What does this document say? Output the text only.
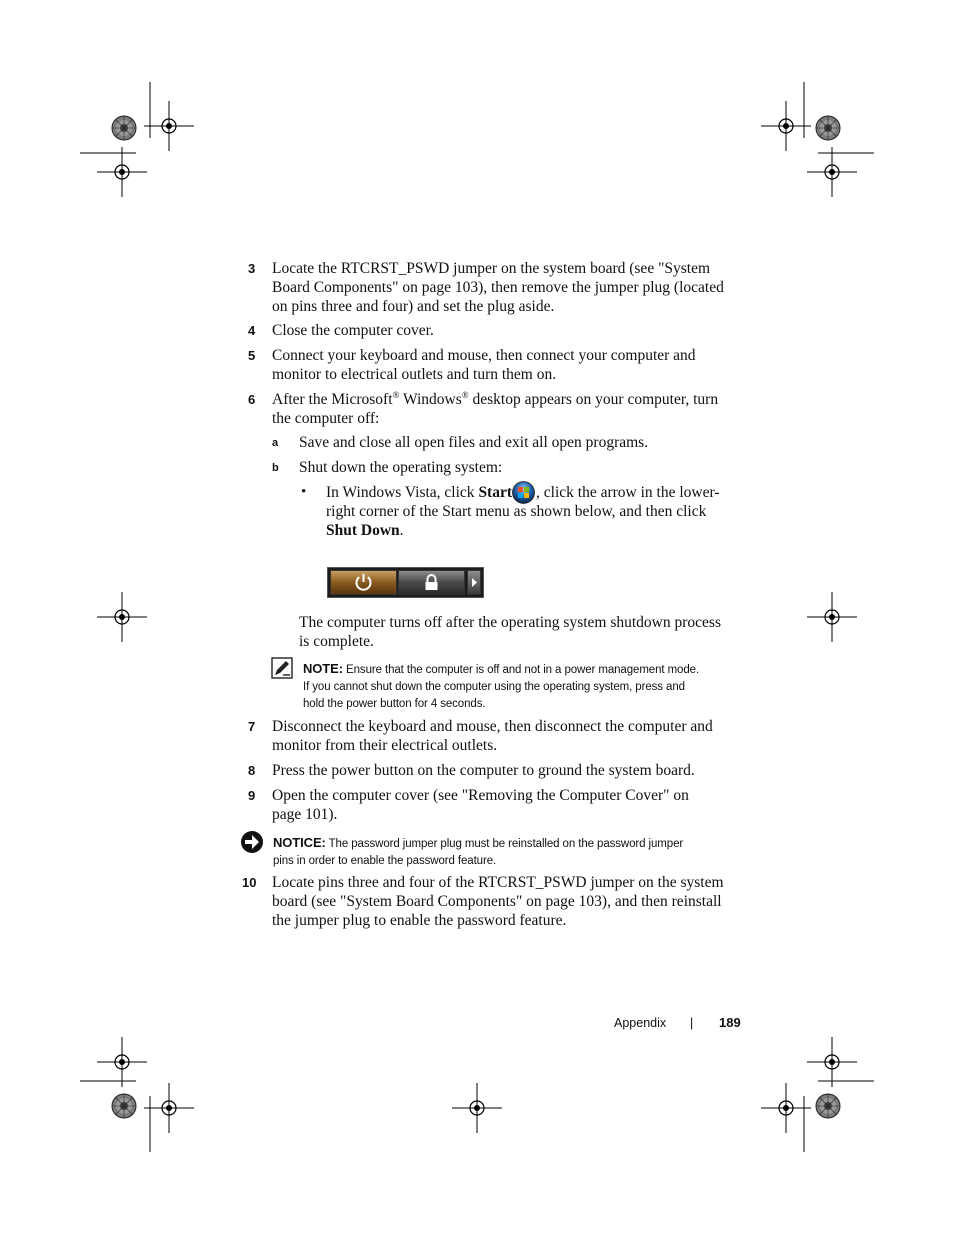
3 Locate the RTCRST_PSWD jumper on the system board (see "System
Board Components" on page 103), then remove the jumper plug (located
on pins three and four) and set the plug aside.
4 Close the computer cover.
5 Connect your keyboard and mouse, then connect your computer and
monitor to electrical outlets and turn them on.
6 After the Microsoft® Windows® desktop appears on your computer, turn
the computer off:
a Save and close all open files and exit all open programs.
b Shut down the operating system:
• In Windows Vista, click Start , click the arrow in the lower-
right corner of the Start menu as shown below, and then click
Shut Down.
The computer turns off after the operating system shutdown process
is complete.
NOTE: Ensure that the computer is off and not in a power management mode.
If you cannot shut down the computer using the operating system, press and
hold the power button for 4 seconds.
7 Disconnect the keyboard and mouse, then disconnect the computer and
monitor from their electrical outlets.
8 Press the power button on the computer to ground the system board.
9 Open the computer cover (see "Removing the Computer Cover" on
page 101).
NOTICE: The password jumper plug must be reinstalled on the password jumper
pins in order to enable the password feature.
10 Locate pins three and four of the RTCRST_PSWD jumper on the system
board (see "System Board Components" on page 103), and then reinstall
the jumper plug to enable the password feature.
Appendix | 189
